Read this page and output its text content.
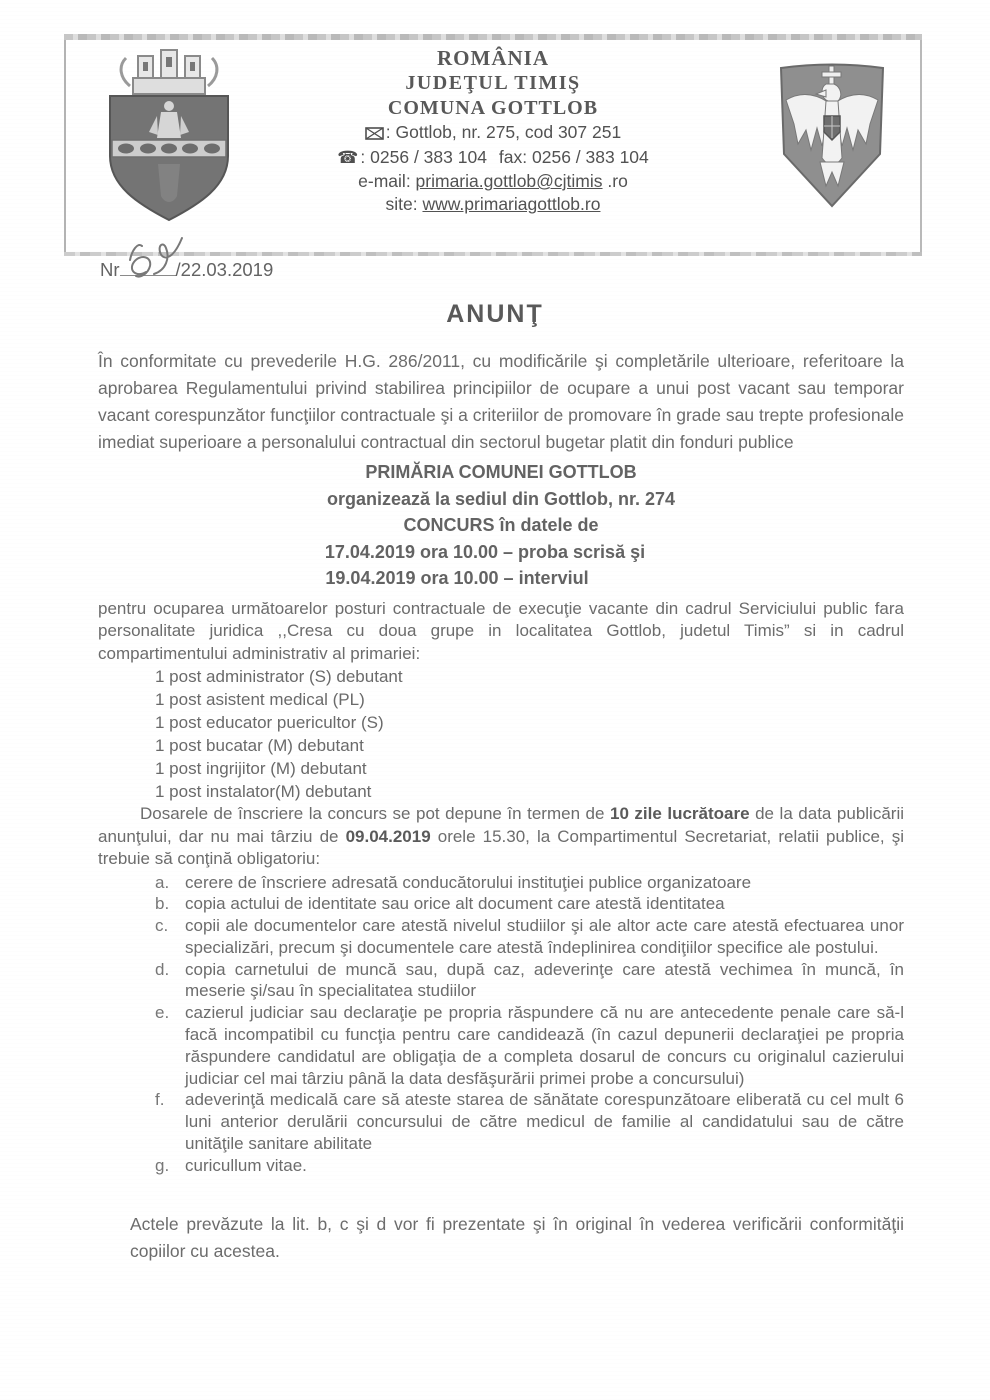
ROMÂNIA
JUDEŢUL TIMIŞ
COMUNA GOTTLOB
: Gottlob, nr. 275, cod 307 251
☎ : 0256 / 383 104 fax: 0256 / 383 104
e-mail: primaria.gottlob@cjtimis .ro
site: www.primariagottlob.ro
Nr	/22.03.2019
ANUNŢ

În conformitate cu prevederile H.G. 286/2011, cu modificările şi completările ulterioare, referitoare la aprobarea Regulamentului privind stabilirea principiilor de ocupare a unui post vacant sau temporar vacant corespunzător funcţiilor contractuale şi a criteriilor de promovare în grade sau trepte profesionale imediat superioare a personalului contractual din sectorul bugetar platit din fonduri publice

PRIMĂRIA COMUNEI GOTTLOB
organizează la sediul din Gottlob, nr. 274
CONCURS în datele de
17.04.2019 ora 10.00 – proba scrisă şi
19.04.2019 ora 10.00 – interviul

pentru ocuparea următoarelor posturi contractuale de execuţie vacante din cadrul Serviciului public fara personalitate juridica ,,Cresa cu doua grupe in localitatea Gottlob, judetul Timis” si in cadrul compartimentului administrativ al primariei:

1 post administrator (S) debutant
1 post asistent medical (PL)
1 post educator puericultor (S)
1 post bucatar (M) debutant
1 post ingrijitor (M) debutant
1 post instalator(M) debutant

Dosarele de înscriere la concurs se pot depune în termen de 10 zile lucrătoare de la data publicării anunţului, dar nu mai târziu de 09.04.2019 orele 15.30, la Compartimentul Secretariat, relatii publice, şi trebuie să conţină obligatoriu:

a. cerere de înscriere adresată conducătorului instituţiei publice organizatoare
b. copia actului de identitate sau orice alt document care atestă identitatea
c. copii ale documentelor care atestă nivelul studiilor şi ale altor acte care atestă efectuarea unor specializări, precum şi documentele care atestă îndeplinirea condiţiilor specifice ale postului.
d. copia carnetului de muncă sau, după caz, adeverinţe care atestă vechimea în muncă, în meserie şi/sau în specialitatea studiilor
e. cazierul judiciar sau declaraţie pe propria răspundere că nu are antecedente penale care să-l facă incompatibil cu funcţia pentru care candidează (în cazul depunerii declaraţiei pe propria răspundere candidatul are obligaţia de a completa dosarul de concurs cu originalul cazierului judiciar cel mai târziu până la data desfăşurării primei probe a concursului)
f.	adeverinţă medicală care să ateste starea de sănătate corespunzătoare eliberată cu cel mult 6 luni anterior derulării concursului de către medicul de familie al candidatului sau de către unităţile sanitare abilitate
g. curicullum vitae.

Actele prevăzute la lit. b, c şi d vor fi prezentate şi în original în vederea verificării conformităţii copiilor cu acestea.
